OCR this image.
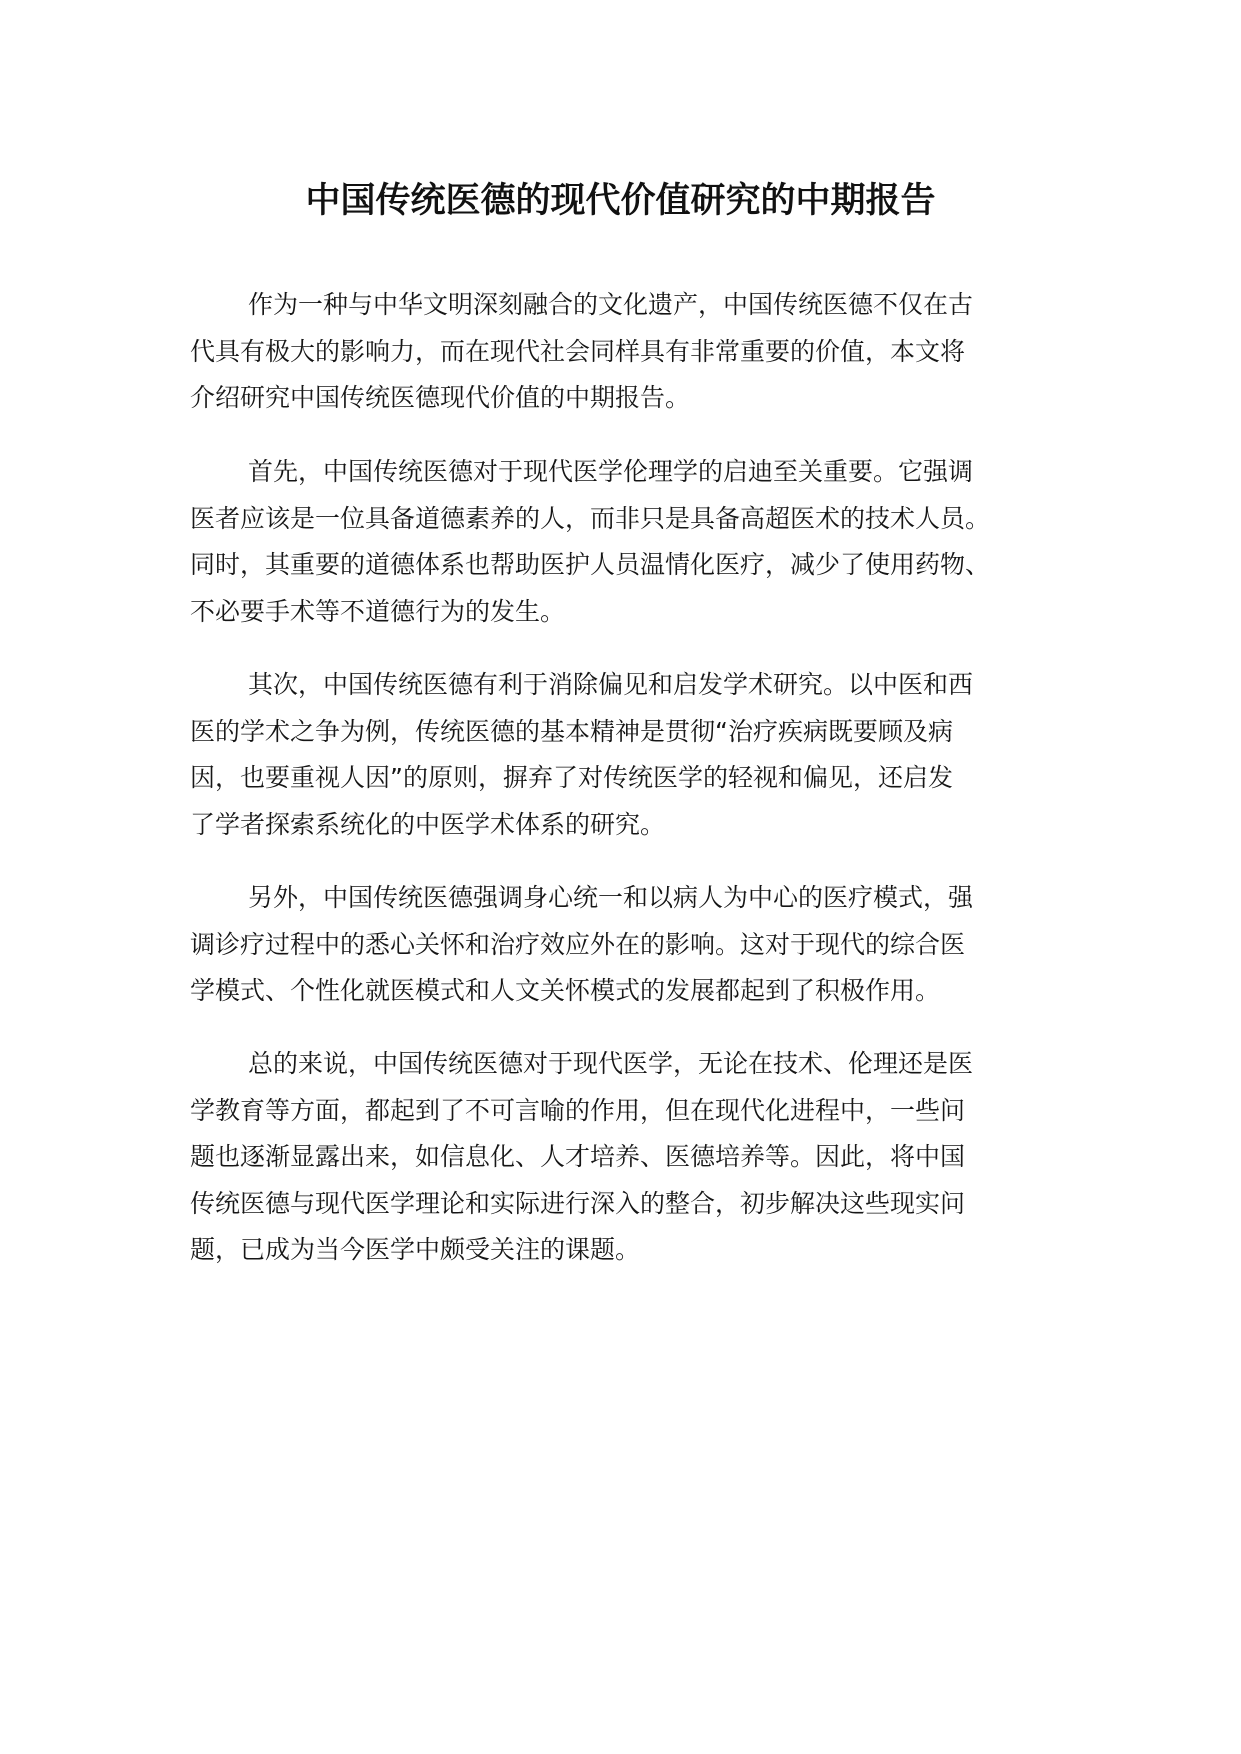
中国传统医德的现代价值研究的中期报告

作为一种与中华文明深刻融合的文化遗产，中国传统医德不仅在古
代具有极大的影响力，而在现代社会同样具有非常重要的价值，本文将
介绍研究中国传统医德现代价值的中期报告。

首先，中国传统医德对于现代医学伦理学的启迪至关重要。它强调
医者应该是一位具备道德素养的人，而非只是具备高超医术的技术人员。
同时，其重要的道德体系也帮助医护人员温情化医疗，减少了使用药物、
不必要手术等不道德行为的发生。

其次，中国传统医德有利于消除偏见和启发学术研究。以中医和西
医的学术之争为例，传统医德的基本精神是贯彻“治疗疾病既要顾及病
因，也要重视人因”的原则，摒弃了对传统医学的轻视和偏见，还启发
了学者探索系统化的中医学术体系的研究。

另外，中国传统医德强调身心统一和以病人为中心的医疗模式，强
调诊疗过程中的悉心关怀和治疗效应外在的影响。这对于现代的综合医
学模式、个性化就医模式和人文关怀模式的发展都起到了积极作用。

总的来说，中国传统医德对于现代医学，无论在技术、伦理还是医
学教育等方面，都起到了不可言喻的作用，但在现代化进程中，一些问
题也逐渐显露出来，如信息化、人才培养、医德培养等。因此，将中国
传统医德与现代医学理论和实际进行深入的整合，初步解决这些现实问
题，已成为当今医学中颇受关注的课题。
